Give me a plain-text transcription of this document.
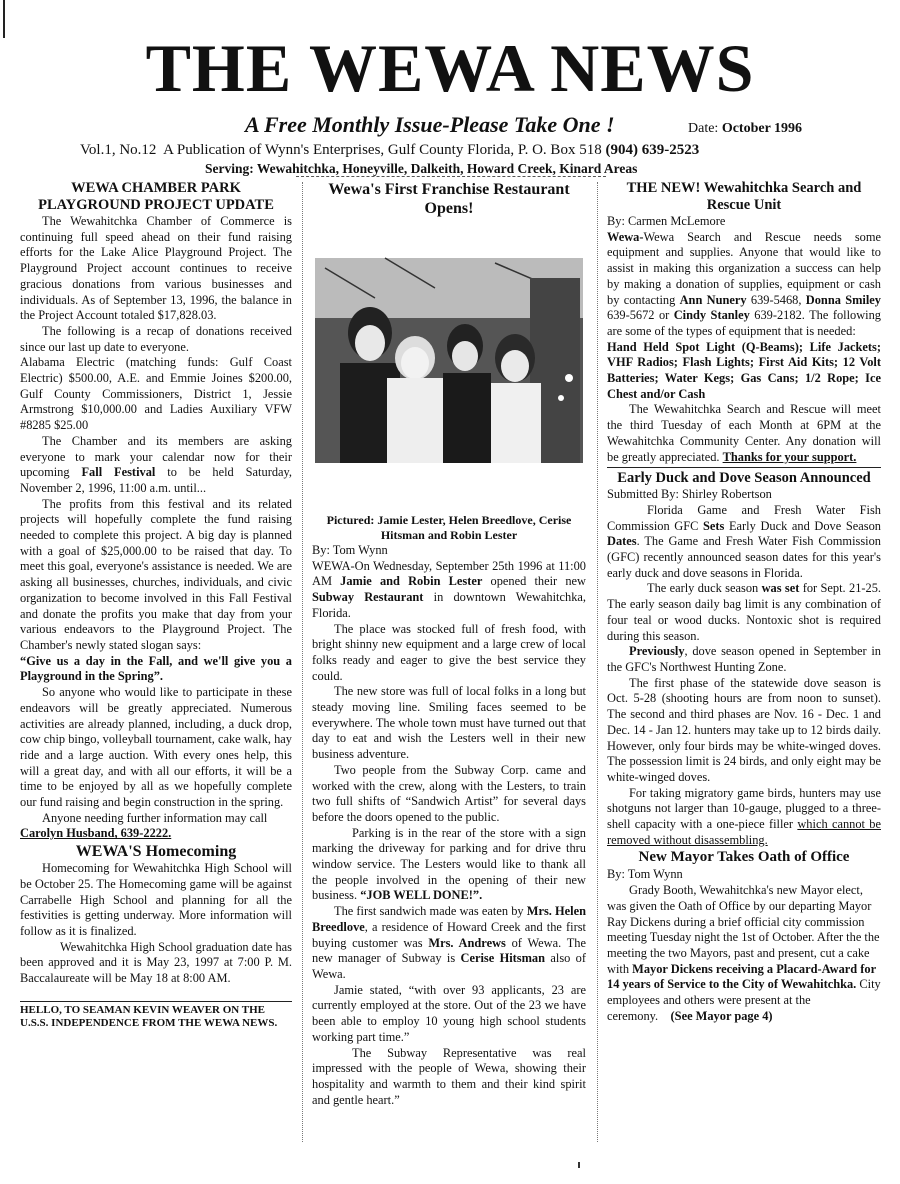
THE WEWA NEWS
A Free Monthly Issue-Please Take One !	Date: October 1996
Vol.1, No.12 A Publication of Wynn's Enterprises, Gulf County Florida, P. O. Box 518 (904) 639-2523
Serving: Wewahitchka, Honeyville, Dalkeith, Howard Creek, Kinard Areas

WEWA CHAMBER PARK PLAYGROUND PROJECT UPDATE

The Wewahitchka Chamber of Commerce is continuing full speed ahead on their fund raising efforts for the Lake Alice Playground Project. The Playground Project account continues to receive gracious donations from various businesses and individuals. As of September 13, 1996, the balance in the Project Account totaled $17,828.03.

The following is a recap of donations received since our last up date to everyone.

Alabama Electric (matching funds: Gulf Coast Electric) $500.00, A.E. and Emmie Joines $200.00, Gulf County Commissioners, District 1, Jessie Armstrong $10,000.00 and Ladies Auxiliary VFW #8285 $25.00

The Chamber and its members are asking everyone to mark your calendar now for their upcoming Fall Festival to be held Saturday, November 2, 1996, 11:00 a.m. until...

The profits from this festival and its related projects will hopefully complete the fund raising needed to complete this project. A big day is planned with a goal of $25,000.00 to be raised that day. To meet this goal, everyone's assistance is needed. We are asking all businesses, churches, individuals, and civic organization to become involved in this Fall Festival and donate the profits you make that day from your various endeavors to the Playground Project. The Chamber's newly stated slogan says:

“Give us a day in the Fall, and we'll give you a Playground in the Spring”.

So anyone who would like to participate in these endeavors will be greatly appreciated. Numerous activities are already planned, including, a duck drop, cow chip bingo, volleyball tournament, cake walk, hay ride and a large auction. With every ones help, this will a great day, and with all our efforts, it will be a time to be enjoyed by all as we hopefully complete our fund raising and begin construction in the spring.

Anyone needing further information may call

Carolyn Husband, 639-2222.

WEWA'S Homecoming

Homecoming for Wewahitchka High School will be October 25. The Homecoming game will be against Carrabelle High School and planning for all the festivities is getting underway. More information will follow as it is finalized.

Wewahitchka High School graduation date has been approved and it is May 23, 1997 at 7:00 P. M. Baccalaureate will be May 18 at 8:00 AM.

HELLO, TO SEAMAN KEVIN WEAVER ON THE U.S.S. INDEPENDENCE FROM THE WEWA NEWS.

Wewa's First Franchise Restaurant Opens!

Pictured: Jamie Lester, Helen Breedlove, Cerise Hitsman and Robin Lester

By: Tom Wynn

WEWA-On Wednesday, September 25th 1996 at 11:00 AM Jamie and Robin Lester opened their new Subway Restaurant in downtown Wewahitchka, Florida.

The place was stocked full of fresh food, with bright shinny new equipment and a large crew of local folks ready and eager to give the best service they could.

The new store was full of local folks in a long but steady moving line. Smiling faces seemed to be everywhere. The whole town must have turned out that day to eat and wish the Lesters well in their new business adventure.

Two people from the Subway Corp. came and worked with the crew, along with the Lesters, to train two full shifts of “Sandwich Artist” for several days before the doors opened to the public.

Parking is in the rear of the store with a sign marking the driveway for parking and for drive thru window service. The Lesters would like to thank all the people involved in the opening of their new business. “JOB WELL DONE!”.

The first sandwich made was eaten by Mrs. Helen Breedlove, a residence of Howard Creek and the first buying customer was Mrs. Andrews of Wewa. The new manager of Subway is Cerise Hitsman also of Wewa.

Jamie stated, “with over 93 applicants, 23 are currently employed at the store. Out of the 23 we have been able to employ 10 young high school students working part time.”

The Subway Representative was real impressed with the people of Wewa, showing their hospitality and warmth to them and their kind spirit and gentle heart.”

THE NEW! Wewahitchka Search and Rescue Unit

By: Carmen McLemore

Wewa-Wewa Search and Rescue needs some equipment and supplies. Anyone that would like to assist in making this organization a success can help by making a donation of supplies, equipment or cash by contacting Ann Nunery 639-5468, Donna Smiley 639-5672 or Cindy Stanley 639-2182. The following are some of the types of equipment that is needed:

Hand Held Spot Light (Q-Beams); Life Jackets; VHF Radios; Flash Lights; First Aid Kits; 12 Volt Batteries; Water Kegs; Gas Cans; 1/2 Rope; Ice Chest and/or Cash

The Wewahitchka Search and Rescue will meet the third Tuesday of each Month at 6PM at the Wewahitchka Community Center. Any donation will be greatly appreciated. Thanks for your support.

Early Duck and Dove Season Announced

Submitted By: Shirley Robertson

Florida Game and Fresh Water Fish Commission GFC Sets Early Duck and Dove Season Dates. The Game and Fresh Water Fish Commission (GFC) recently announced season dates for this year's early duck and dove seasons in Florida.

The early duck season was set for Sept. 21-25. The early season daily bag limit is any combination of four teal or wood ducks. Nontoxic shot is required during this season.

Previously, dove season opened in September in the GFC's Northwest Hunting Zone.

The first phase of the statewide dove season is Oct. 5-28 (shooting hours are from noon to sunset). The second and third phases are Nov. 16 - Dec. 1 and Dec. 14 - Jan 12. hunters may take up to 12 birds daily. However, only four birds may be white-winged doves. The possession limit is 24 birds, and only eight may be white-winged doves.

For taking migratory game birds, hunters may use shotguns not larger than 10-gauge, plugged to a three-shell capacity with a one-piece filler which cannot be removed without disassembling.

New Mayor Takes Oath of Office

By: Tom Wynn

Grady Booth, Wewahitchka's new Mayor elect, was given the Oath of Office by our departing Mayor Ray Dickens during a brief official city commission meeting Tuesday night the 1st of October. After the the meeting the two Mayors, past and present, cut a cake with Mayor Dickens receiving a Placard-Award for 14 years of Service to the City of Wewahitchka. City employees and others were present at the ceremony. (See Mayor page 4)
